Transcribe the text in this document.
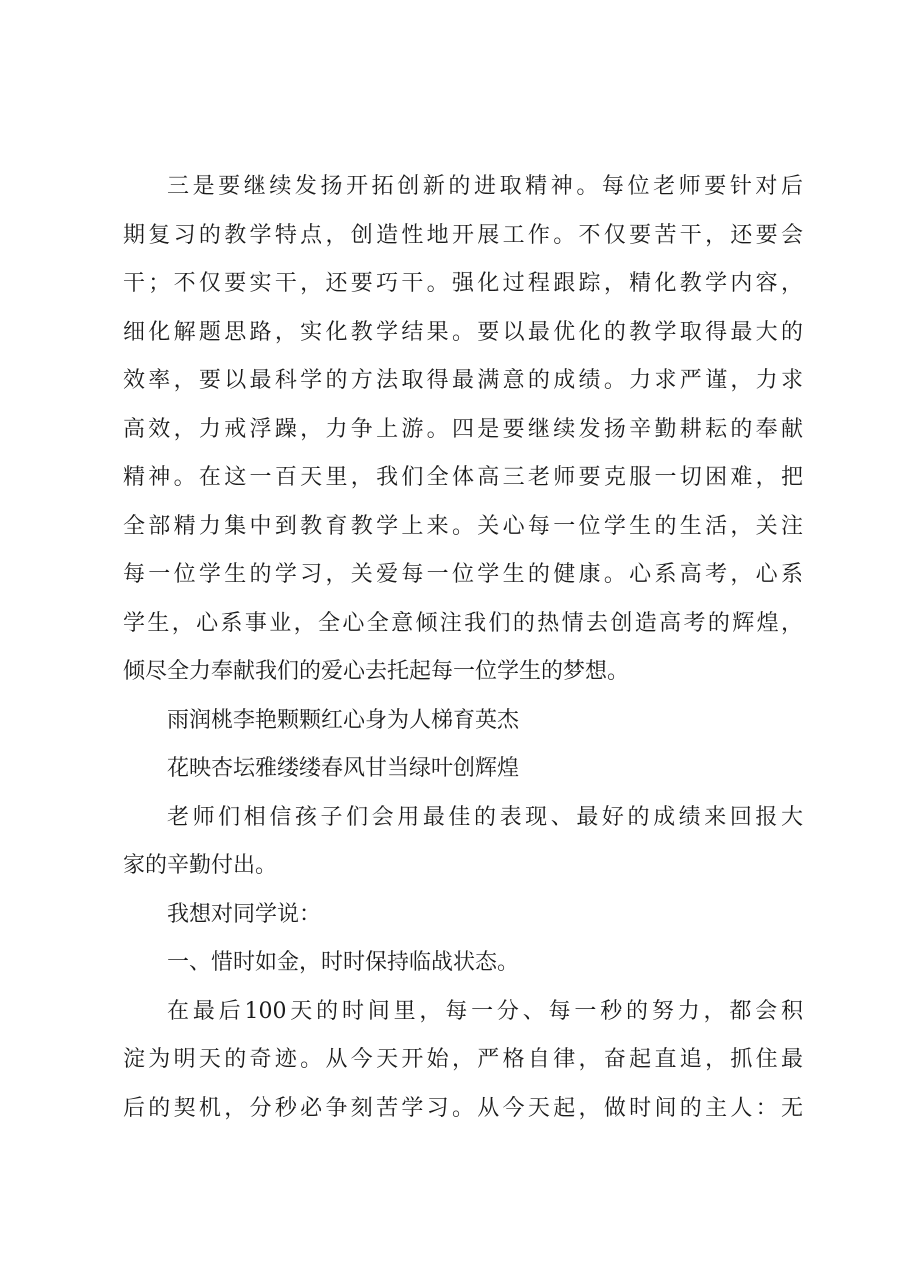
三是要继续发扬开拓创新的进取精神。每位老师要针对后
期复习的教学特点，创造性地开展工作。不仅要苦干，还要会
干；不仅要实干，还要巧干。强化过程跟踪，精化教学内容，
细化解题思路，实化教学结果。要以最优化的教学取得最大的
效率，要以最科学的方法取得最满意的成绩。力求严谨，力求
高效，力戒浮躁，力争上游。四是要继续发扬辛勤耕耘的奉献
精神。在这一百天里，我们全体高三老师要克服一切困难，把
全部精力集中到教育教学上来。关心每一位学生的生活，关注
每一位学生的学习，关爱每一位学生的健康。心系高考，心系
学生，心系事业，全心全意倾注我们的热情去创造高考的辉煌，
倾尽全力奉献我们的爱心去托起每一位学生的梦想。
雨润桃李艳颗颗红心身为人梯育英杰
花映杏坛雅缕缕春风甘当绿叶创辉煌
老师们相信孩子们会用最佳的表现、最好的成绩来回报大
家的辛勤付出。
我想对同学说：
一、惜时如金，时时保持临战状态。
在最后100天的时间里，每一分、每一秒的努力，都会积
淀为明天的奇迹。从今天开始，严格自律，奋起直追，抓住最
后的契机，分秒必争刻苦学习。从今天起，做时间的主人：无
